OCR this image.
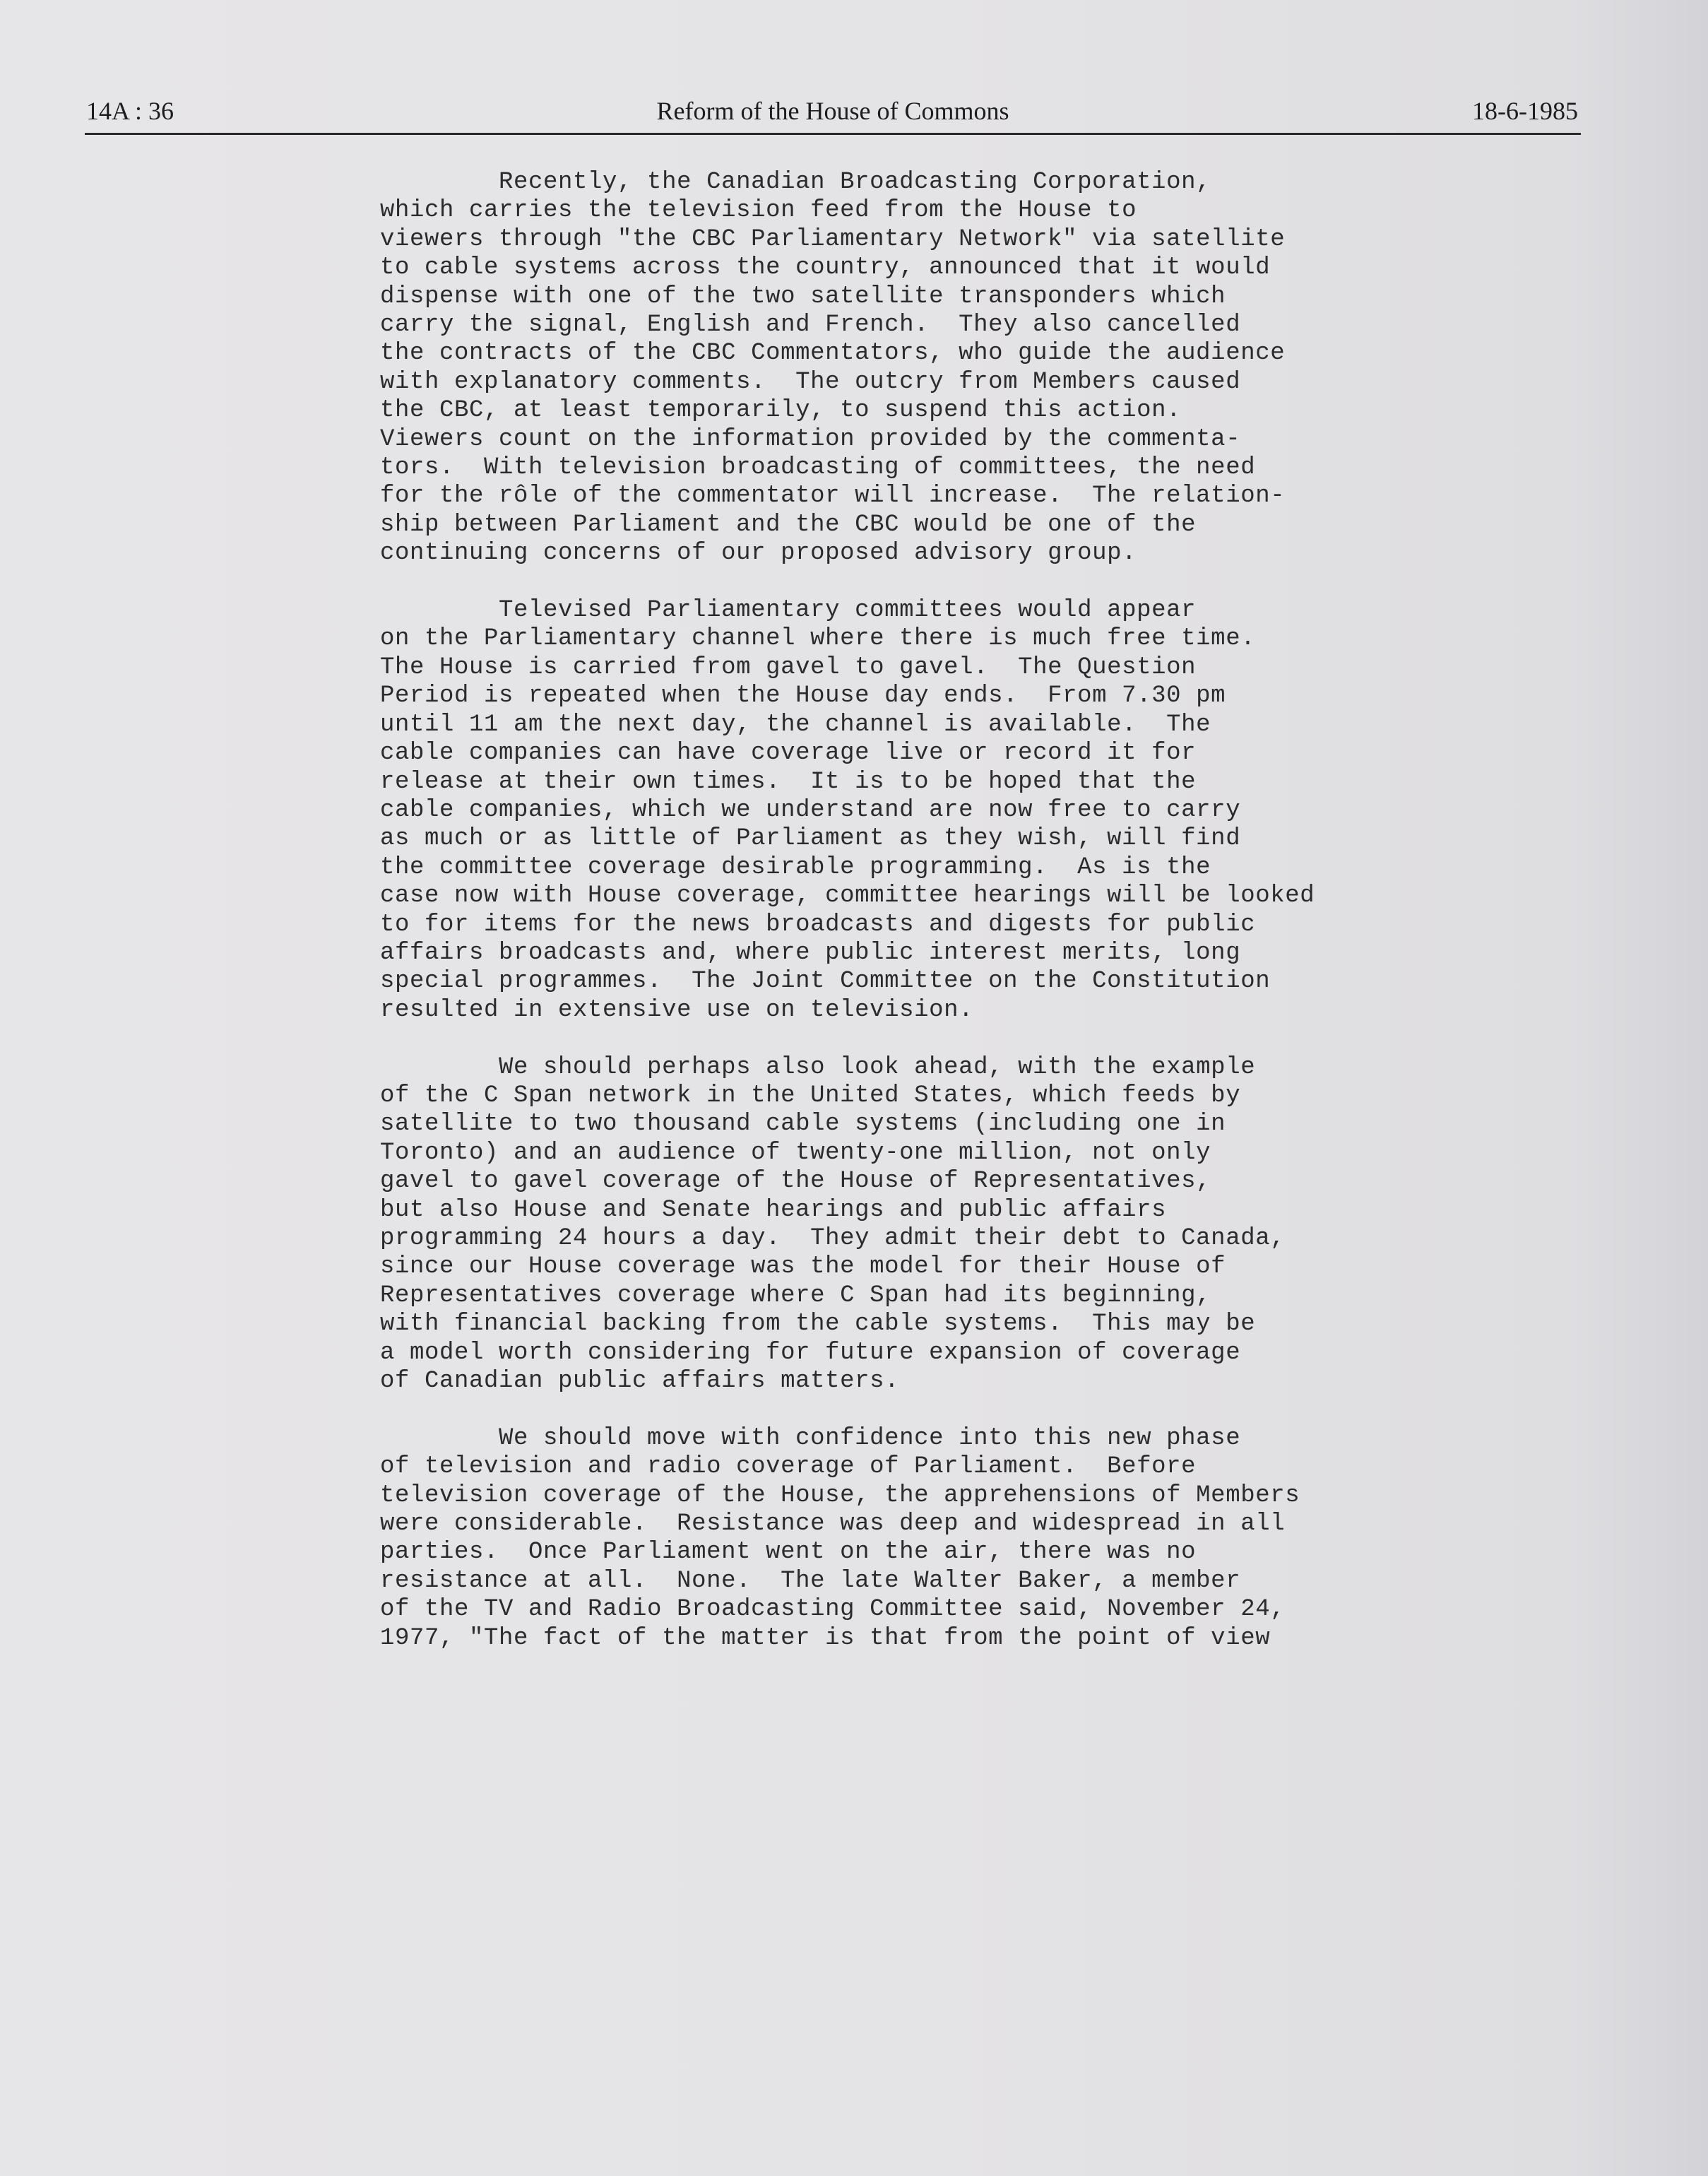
14A : 36	Reform of the House of Commons	18-6-1985

Recently, the Canadian Broadcasting Corporation,
which carries the television feed from the House to
viewers through "the CBC Parliamentary Network" via satellite
to cable systems across the country, announced that it would
dispense with one of the two satellite transponders which
carry the signal, English and French.  They also cancelled
the contracts of the CBC Commentators, who guide the audience
with explanatory comments.  The outcry from Members caused
the CBC, at least temporarily, to suspend this action.
Viewers count on the information provided by the commenta-
tors.  With television broadcasting of committees, the need
for the rôle of the commentator will increase.  The relation-
ship between Parliament and the CBC would be one of the
continuing concerns of our proposed advisory group.

Televised Parliamentary committees would appear
on the Parliamentary channel where there is much free time.
The House is carried from gavel to gavel.  The Question
Period is repeated when the House day ends.  From 7.30 pm
until 11 am the next day, the channel is available.  The
cable companies can have coverage live or record it for
release at their own times.  It is to be hoped that the
cable companies, which we understand are now free to carry
as much or as little of Parliament as they wish, will find
the committee coverage desirable programming.  As is the
case now with House coverage, committee hearings will be looked
to for items for the news broadcasts and digests for public
affairs broadcasts and, where public interest merits, long
special programmes.  The Joint Committee on the Constitution
resulted in extensive use on television.

We should perhaps also look ahead, with the example
of the C Span network in the United States, which feeds by
satellite to two thousand cable systems (including one in
Toronto) and an audience of twenty-one million, not only
gavel to gavel coverage of the House of Representatives,
but also House and Senate hearings and public affairs
programming 24 hours a day.  They admit their debt to Canada,
since our House coverage was the model for their House of
Representatives coverage where C Span had its beginning,
with financial backing from the cable systems.  This may be
a model worth considering for future expansion of coverage
of Canadian public affairs matters.

We should move with confidence into this new phase
of television and radio coverage of Parliament.  Before
television coverage of the House, the apprehensions of Members
were considerable.  Resistance was deep and widespread in all
parties.  Once Parliament went on the air, there was no
resistance at all.  None.  The late Walter Baker, a member
of the TV and Radio Broadcasting Committee said, November 24,
1977, "The fact of the matter is that from the point of view
